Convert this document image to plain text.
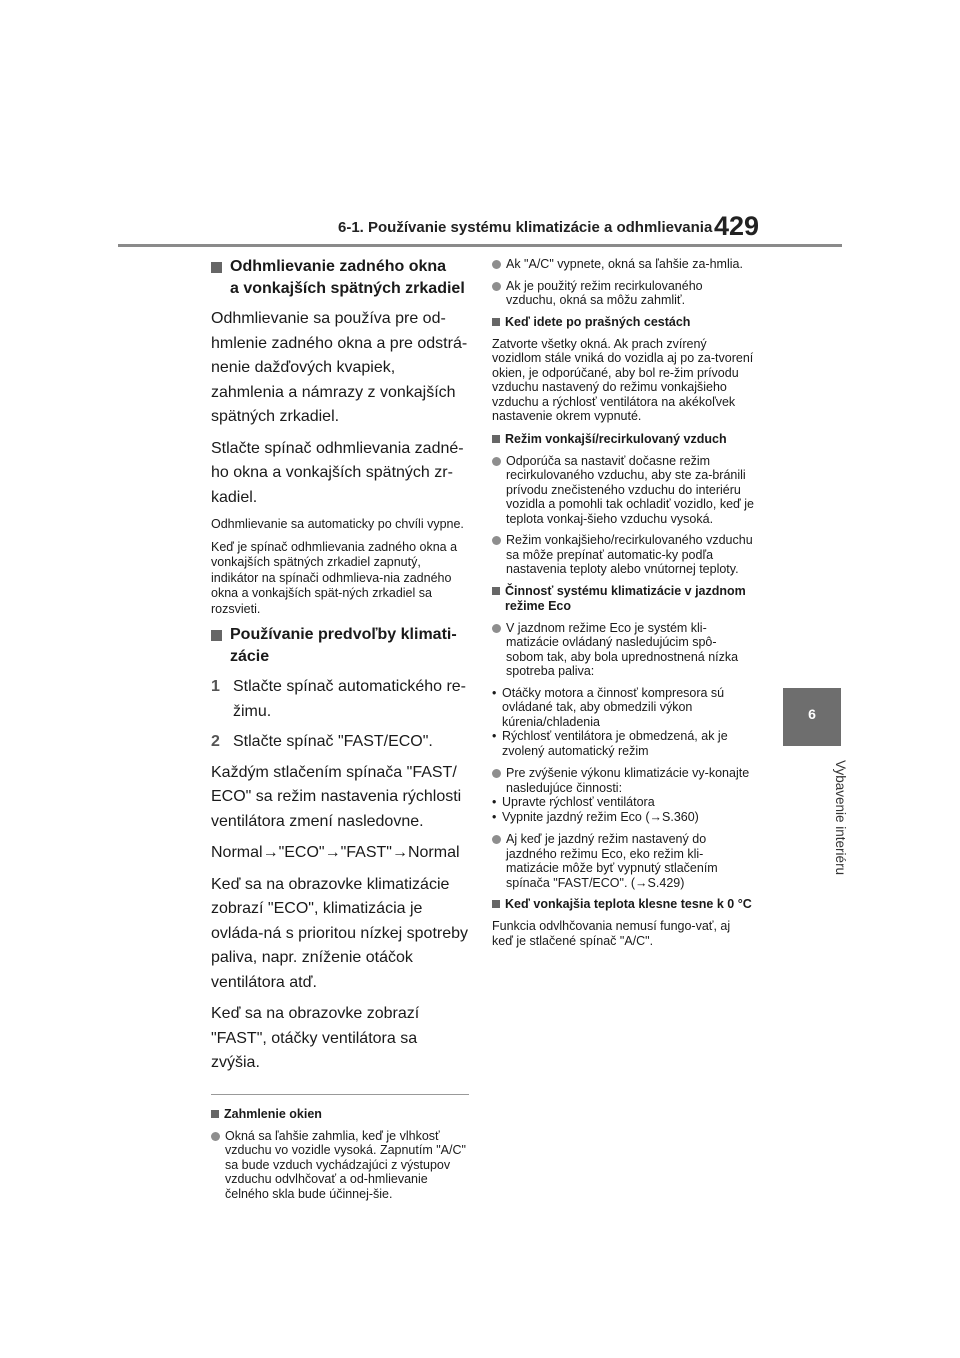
6-1. Používanie systému klimatizácie a odhmlievania 429
6
Vybavenie interiéru
Odhmlievanie zadného okna
a vonkajších spätných zrkadiel

Odhmlievanie sa používa pre od-hmlenie zadného okna a pre odstrá-nenie dažďových kvapiek, zahmlenia a námrazy z vonkajších spätných zrkadiel.

Stlačte spínač odhmlievania zadné-ho okna a vonkajších spätných zr-kadiel.

Odhmlievanie sa automaticky po chvíli vypne.

Keď je spínač odhmlievania zadného okna a vonkajších spätných zrkadiel zapnutý, indikátor na spínači odhmlieva-nia zadného okna a vonkajších spät-ných zrkadiel sa rozsvieti.

Používanie predvoľby klimati-zácie
1 Stlačte spínač automatického re-žimu.
2 Stlačte spínač "FAST/ECO".

Každým stlačením spínača "FAST/ ECO" sa režim nastavenia rýchlosti ventilátora zmení nasledovne.

Normal→"ECO"→"FAST"→Normal

Keď sa na obrazovke klimatizácie zobrazí "ECO", klimatizácia je ovláda-ná s prioritou nízkej spotreby paliva, napr. zníženie otáčok ventilátora atď.

Keď sa na obrazovke zobrazí "FAST", otáčky ventilátora sa zvýšia.

Zahmlenie okien
Okná sa ľahšie zahmlia, keď je vlhkosť vzduchu vo vozidle vysoká. Zapnutím "A/C" sa bude vzduch vychádzajúci z výstupov vzduchu odvlhčovať a od-hmlievanie čelného skla bude účinnej-šie.
Ak "A/C" vypnete, okná sa ľahšie za-hmlia.
Ak je použitý režim recirkulovaného vzduchu, okná sa môžu zahmliť.
Keď idete po prašných cestách
Zatvorte všetky okná. Ak prach zvírený vozidlom stále vniká do vozidla aj po za-tvorení okien, je odporúčané, aby bol re-žim prívodu vzduchu nastavený do režimu vonkajšieho vzduchu a rýchlosť ventilátora na akékoľvek nastavenie okrem vypnuté.
Režim vonkajší/recirkulovaný vzduch
Odporúča sa nastaviť dočasne režim recirkulovaného vzduchu, aby ste za-bránili prívodu znečisteného vzduchu do interiéru vozidla a pomohli tak ochladiť vozidlo, keď je teplota vonkaj-šieho vzduchu vysoká.
Režim vonkajšieho/recirkulovaného vzduchu sa môže prepínať automatic-ky podľa nastavenia teploty alebo vnútornej teploty.
Činnosť systému klimatizácie v jazdnom režime Eco
V jazdnom režime Eco je systém kli-matizácie ovládaný nasledujúcim spô-sobom tak, aby bola uprednostnená nízka spotreba paliva:
• Otáčky motora a činnosť kompresora sú ovládané tak, aby obmedzili výkon kúrenia/chladenia
• Rýchlosť ventilátora je obmedzená, ak je zvolený automatický režim
Pre zvýšenie výkonu klimatizácie vy-konajte nasledujúce činnosti:
• Upravte rýchlosť ventilátora
• Vypnite jazdný režim Eco (→S.360)
Aj keď je jazdný režim nastavený do jazdného režimu Eco, eko režim kli-matizácie môže byť vypnutý stlačením spínača "FAST/ECO". (→S.429)
Keď vonkajšia teplota klesne tesne k 0 °C
Funkcia odvlhčovania nemusí fungo-vať, aj keď je stlačené spínač "A/C".
